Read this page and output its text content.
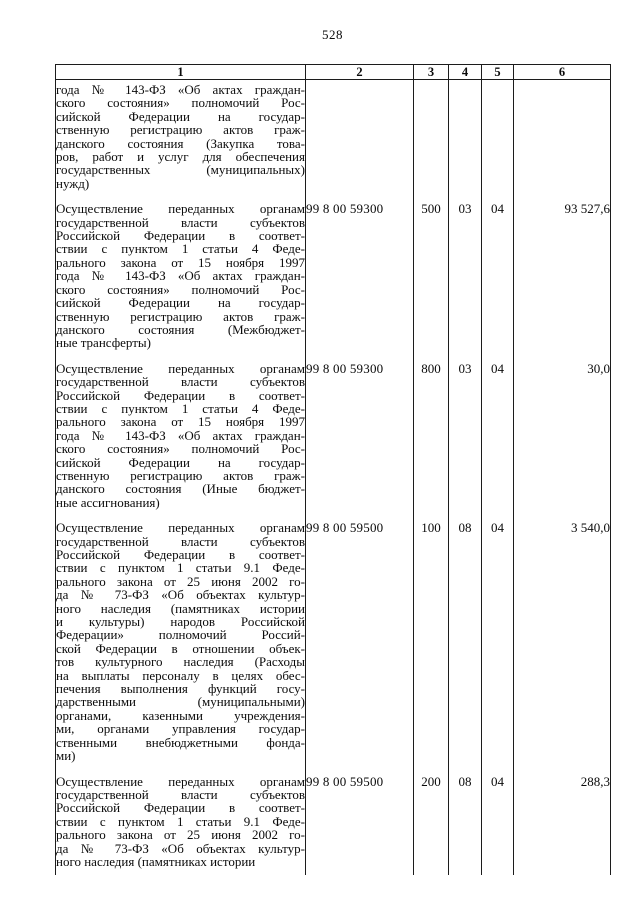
528
1	2	3	4	5	6

года № 143-ФЗ «Об актах граждан-
ского состояния» полномочий Рос-
сийской Федерации на государ-
ственную регистрацию актов граж-
данского состояния (Закупка това-
ров, работ и услуг для обеспечения
государственных (муниципальных)
нужд)

Осуществление переданных органам
государственной власти субъектов
Российской Федерации в соответ-
ствии с пунктом 1 статьи 4 Феде-
рального закона от 15 ноября 1997
года № 143-ФЗ «Об актах граждан-
ского состояния» полномочий Рос-
сийской Федерации на государ-
ственную регистрацию актов граж-
данского состояния (Межбюджет-
ные трансферты)
	99 8 00 59300	500	03	04	93 527,6

Осуществление переданных органам
государственной власти субъектов
Российской Федерации в соответ-
ствии с пунктом 1 статьи 4 Феде-
рального закона от 15 ноября 1997
года № 143-ФЗ «Об актах граждан-
ского состояния» полномочий Рос-
сийской Федерации на государ-
ственную регистрацию актов граж-
данского состояния (Иные бюджет-
ные ассигнования)
	99 8 00 59300	800	03	04	30,0

Осуществление переданных органам
государственной власти субъектов
Российской Федерации в соответ-
ствии с пунктом 1 статьи 9.1 Феде-
рального закона от 25 июня 2002 го-
да № 73-ФЗ «Об объектах культур-
ного наследия (памятниках истории
и культуры) народов Российской
Федерации» полномочий Россий-
ской Федерации в отношении объек-
тов культурного наследия (Расходы
на выплаты персоналу в целях обес-
печения выполнения функций госу-
дарственными (муниципальными)
органами, казенными учреждения-
ми, органами управления государ-
ственными внебюджетными фонда-
ми)
	99 8 00 59500	100	08	04	3 540,0

Осуществление переданных органам
государственной власти субъектов
Российской Федерации в соответ-
ствии с пунктом 1 статьи 9.1 Феде-
рального закона от 25 июня 2002 го-
да № 73-ФЗ «Об объектах культур-
ного наследия (памятниках истории
	99 8 00 59500	200	08	04	288,3
